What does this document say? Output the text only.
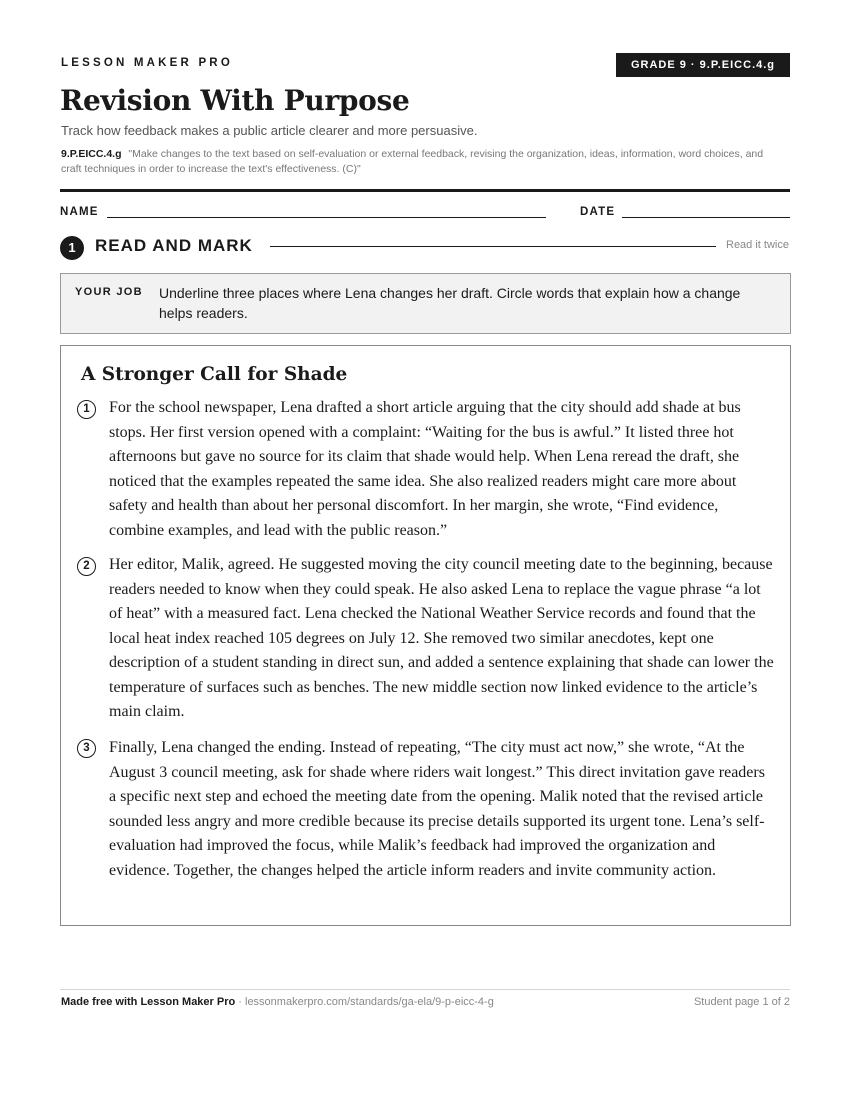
LESSON MAKER PRO	GRADE 9 · 9.P.EICC.4.g
Revision With Purpose
Track how feedback makes a public article clearer and more persuasive.
9.P.EICC.4.g "Make changes to the text based on self-evaluation or external feedback, revising the organization, ideas, information, word choices, and craft techniques in order to increase the text's effectiveness. (C)"
NAME	DATE
1	READ AND MARK	Read it twice
YOUR JOB Underline three places where Lena changes her draft. Circle words that explain how a change helps readers.
A Stronger Call for Shade
1	For the school newspaper, Lena drafted a short article arguing that the city should add shade at bus stops. Her first version opened with a complaint: “Waiting for the bus is awful.” It listed three hot afternoons but gave no source for its claim that shade would help. When Lena reread the draft, she noticed that the examples repeated the same idea. She also realized readers might care more about safety and health than about her personal discomfort. In her margin, she wrote, “Find evidence, combine examples, and lead with the public reason.”
2	Her editor, Malik, agreed. He suggested moving the city council meeting date to the beginning, because readers needed to know when they could speak. He also asked Lena to replace the vague phrase “a lot of heat” with a measured fact. Lena checked the National Weather Service records and found that the local heat index reached 105 degrees on July 12. She removed two similar anecdotes, kept one description of a student standing in direct sun, and added a sentence explaining that shade can lower the temperature of surfaces such as benches. The new middle section now linked evidence to the article’s main claim.
3	Finally, Lena changed the ending. Instead of repeating, “The city must act now,” she wrote, “At the August 3 council meeting, ask for shade where riders wait longest.” This direct invitation gave readers a specific next step and echoed the meeting date from the opening. Malik noted that the revised article sounded less angry and more credible because its precise details supported its urgent tone. Lena’s self-evaluation had improved the focus, while Malik’s feedback had improved the organization and evidence. Together, the changes helped the article inform readers and invite community action.
Made free with Lesson Maker Pro · lessonmakerpro.com/standards/ga-ela/9-p-eicc-4-g	Student page 1 of 2
